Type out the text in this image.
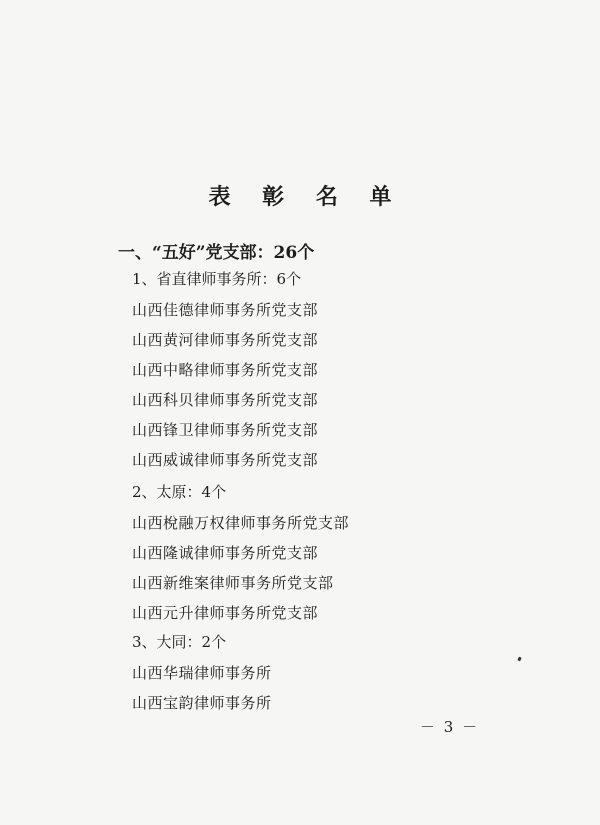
表 彰 名 单
一、“五好”党支部：26个
1、省直律师事务所：6个
山西佳德律师事务所党支部
山西黄河律师事务所党支部
山西中略律师事务所党支部
山西科贝律师事务所党支部
山西锋卫律师事务所党支部
山西威诚律师事务所党支部
2、太原：4个
山西梲融万权律师事务所党支部
山西隆诚律师事务所党支部
山西新维案律师事务所党支部
山西元升律师事务所党支部
3、大同：2个
山西华瑞律师事务所
山西宝韵律师事务所
－ 3 －
